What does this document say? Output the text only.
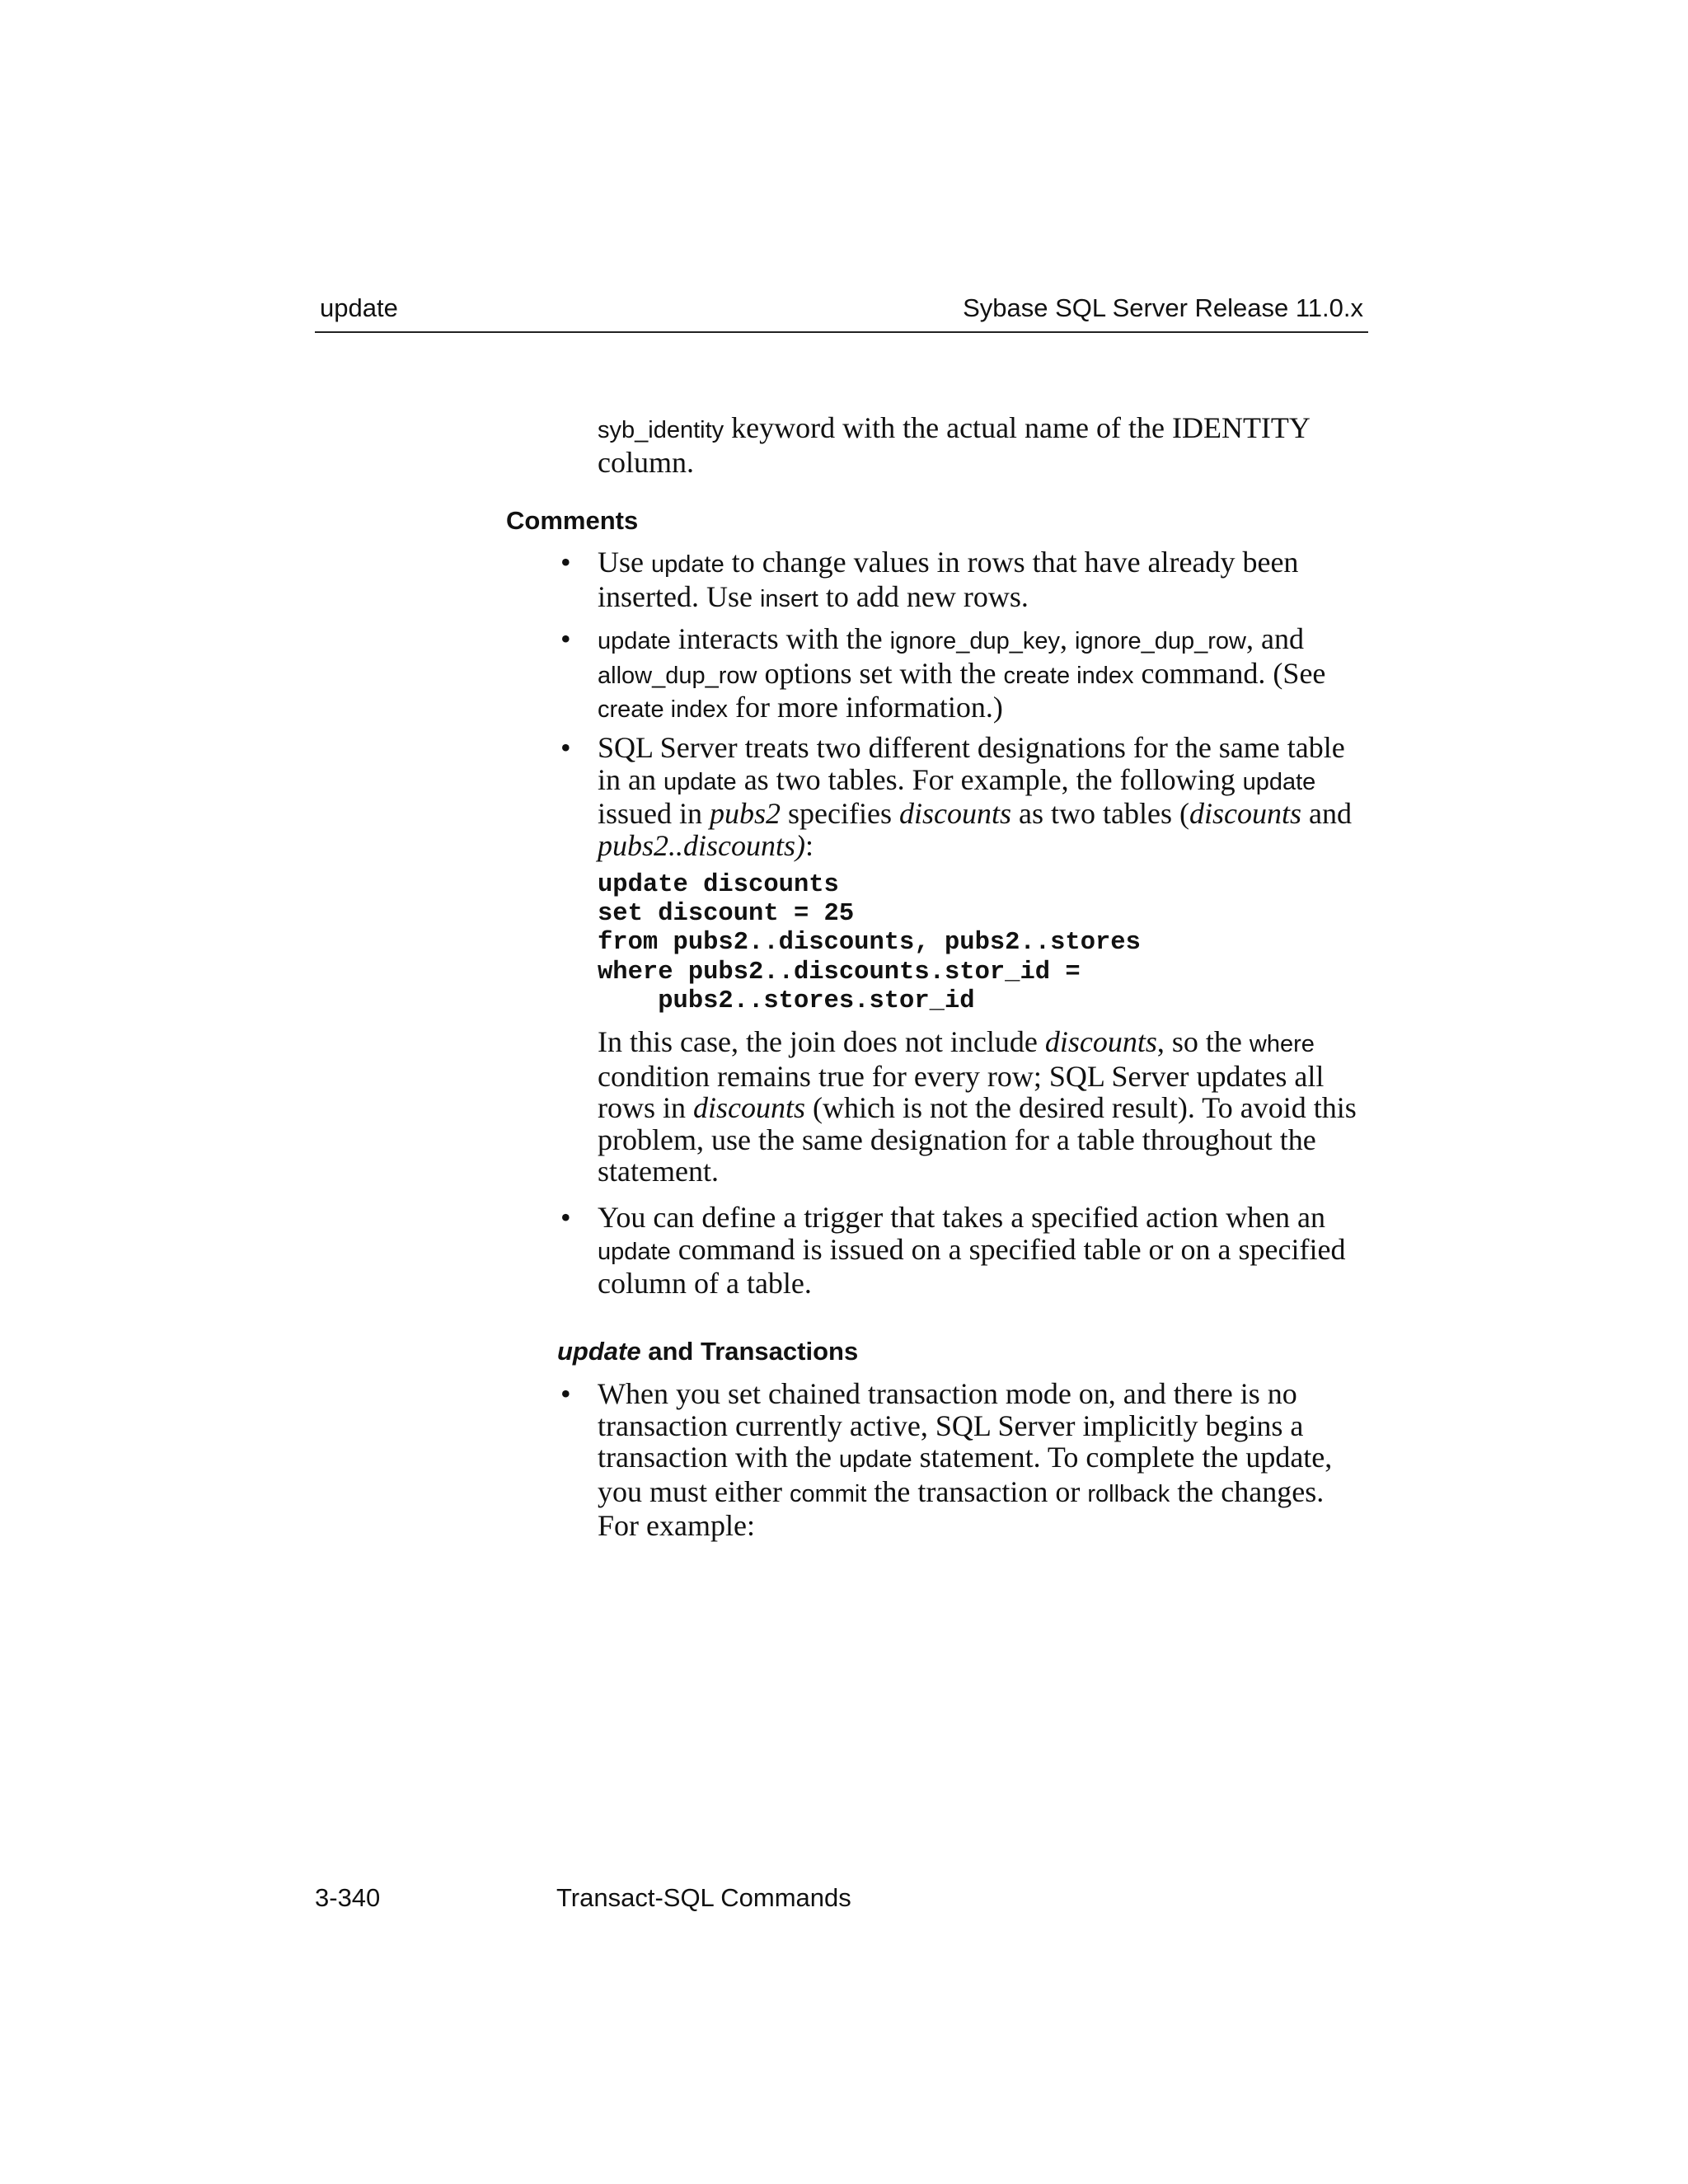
update	Sybase SQL Server Release 11.0.x
syb_identity keyword with the actual name of the IDENTITY column.
Comments
• Use update to change values in rows that have already been inserted. Use insert to add new rows.
• update interacts with the ignore_dup_key, ignore_dup_row, and allow_dup_row options set with the create index command. (See create index for more information.)
• SQL Server treats two different designations for the same table in an update as two tables. For example, the following update issued in pubs2 specifies discounts as two tables (discounts and pubs2..discounts):
update discounts
set discount = 25
from pubs2..discounts, pubs2..stores
where pubs2..discounts.stor_id =
pubs2..stores.stor_id
In this case, the join does not include discounts, so the where condition remains true for every row; SQL Server updates all rows in discounts (which is not the desired result). To avoid this problem, use the same designation for a table throughout the statement.
• You can define a trigger that takes a specified action when an update command is issued on a specified table or on a specified column of a table.
update and Transactions
• When you set chained transaction mode on, and there is no transaction currently active, SQL Server implicitly begins a transaction with the update statement. To complete the update, you must either commit the transaction or rollback the changes. For example:
3-340	Transact-SQL Commands
